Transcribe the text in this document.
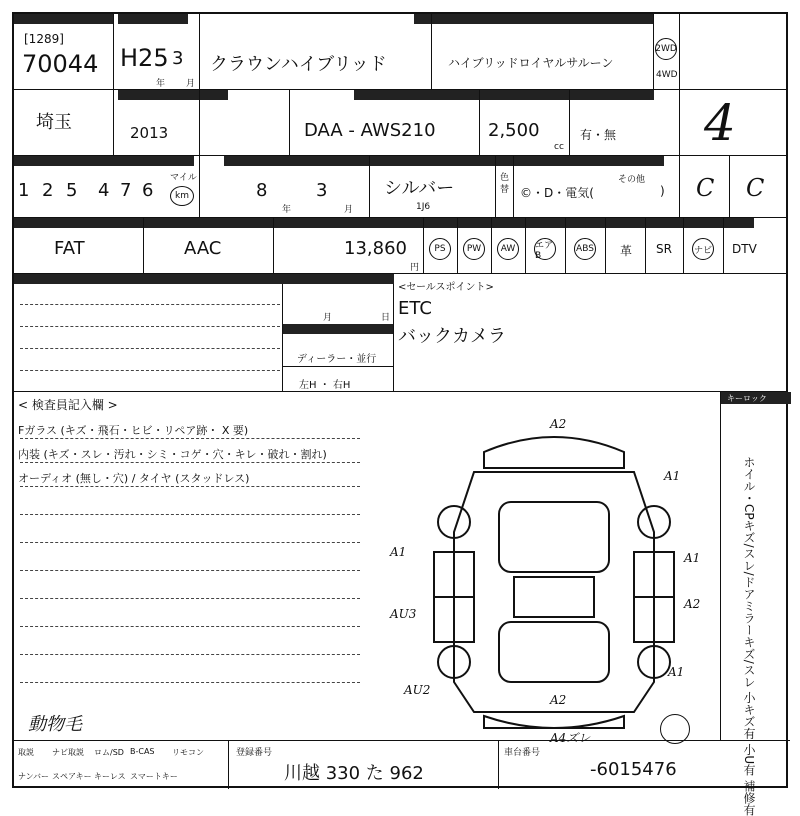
[1289]
70044 H25 3
年 月
クラウンハイブリッド	ハイブリッドロイヤルサルーン
2WD
4WD
埼玉	2013	DAA - AWS210	2,500
cc
有・無 4
1 2 5 4 7 6
マイル
km	8
年
3
月
シルバー
1J6
色替 ©・D・電気(
その他
) C C
FAT	AAC	13,860
円
PS	PW	AW	エアB
ABS 革 SR ナビ DTV
月	日
ディーラー・並行
左H ・ 右H
<セールスポイント>
ETC
バックカメラ
< 検査員記入欄 >
Fガラス (キズ・飛石・ヒビ・リペア跡・ X 要)
内装 (キズ・スレ・汚れ・シミ・コゲ・穴・キレ・破れ・割れ)
オーディオ (無し・穴) / タイヤ (スタッドレス)
動物毛
A2
A1
A1	A1
AU3
A2
AU2
A1
A2
A4ズレ
キーロック
ホイル・CPキズ/スレ/ドアミラーキズ/スレ 小キズ有 小U有 補修有
取説 ナビ取説 ロム/SD B-CAS リモコン
ナンバー スペアキー キーレス スマートキー
登録番号
川越 330 た 962
車台番号
-6015476
